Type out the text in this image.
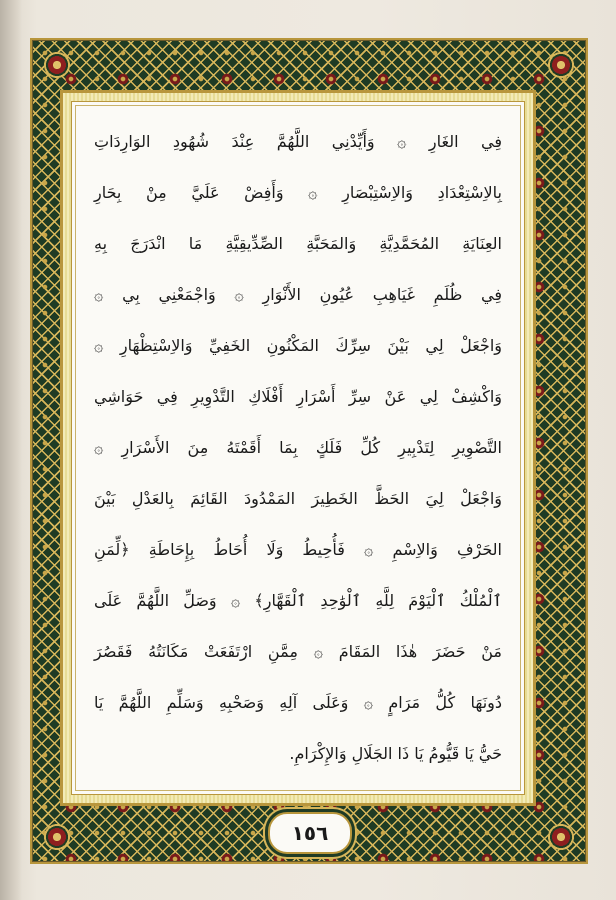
فِي الغَارِ ۞ وَأَيِّدْنِي اللَّهُمَّ عِنْدَ شُهُودِ الوَارِدَاتِ
بِالاِسْتِعْدَادِ وَالاِسْتِبْصَارِ ۞ وَأَفِضْ عَلَيَّ مِنْ بِحَارِ
العِنَايَةِ المُحَمَّدِيَّةِ وَالمَحَبَّةِ الصِّدِّيقِيَّةِ مَا انْدَرَجَ بِهِ
فِي ظُلَمِ غَيَاهِبِ عُيُونِ الأَنْوَارِ ۞ وَاجْمَعْنِي بِي ۞
وَاجْعَلْ لِي بَيْنَ سِرِّكَ المَكْنُونِ الخَفِيِّ وَالاِسْتِظْهَارِ ۞
وَاكْشِفْ لِي عَنْ سِرِّ أَسْرَارِ أَفْلَاكِ التَّدْوِيرِ فِي حَوَاشِي
التَّصْوِيرِ لِتَدْبِيرِ كُلِّ فَلَكٍ بِمَا أَقَمْتَهُ مِنَ الأَسْرَارِ ۞
وَاجْعَلْ لِيَ الحَظَّ الخَطِيرَ المَمْدُودَ القَائِمَ بِالعَدْلِ بَيْنَ
الحَرْفِ وَالاِسْمِ ۞ فَأُحِيطُ وَلَا أُحَاطُ بِإِحَاطَةِ ﴿لِّمَنِ
ٱلْمُلْكُ ٱلْيَوْمَ لِلَّهِ ٱلْوَٰحِدِ ٱلْقَهَّارِ﴾ ۞ وَصَلِّ اللَّهُمَّ عَلَى
مَنْ حَضَرَ هٰذَا المَقَامَ ۞ مِمَّنِ ارْتَفَعَتْ مَكَانَتُهُ فَقَصُرَ
دُونَهَا كُلُّ مَرَامٍ ۞ وَعَلَى آلِهِ وَصَحْبِهِ وَسَلِّمِ اللَّهُمَّ يَا
حَيُّ يَا قَيُّومُ يَا ذَا الجَلَالِ وَالإِكْرَامِ.
١٥٦
